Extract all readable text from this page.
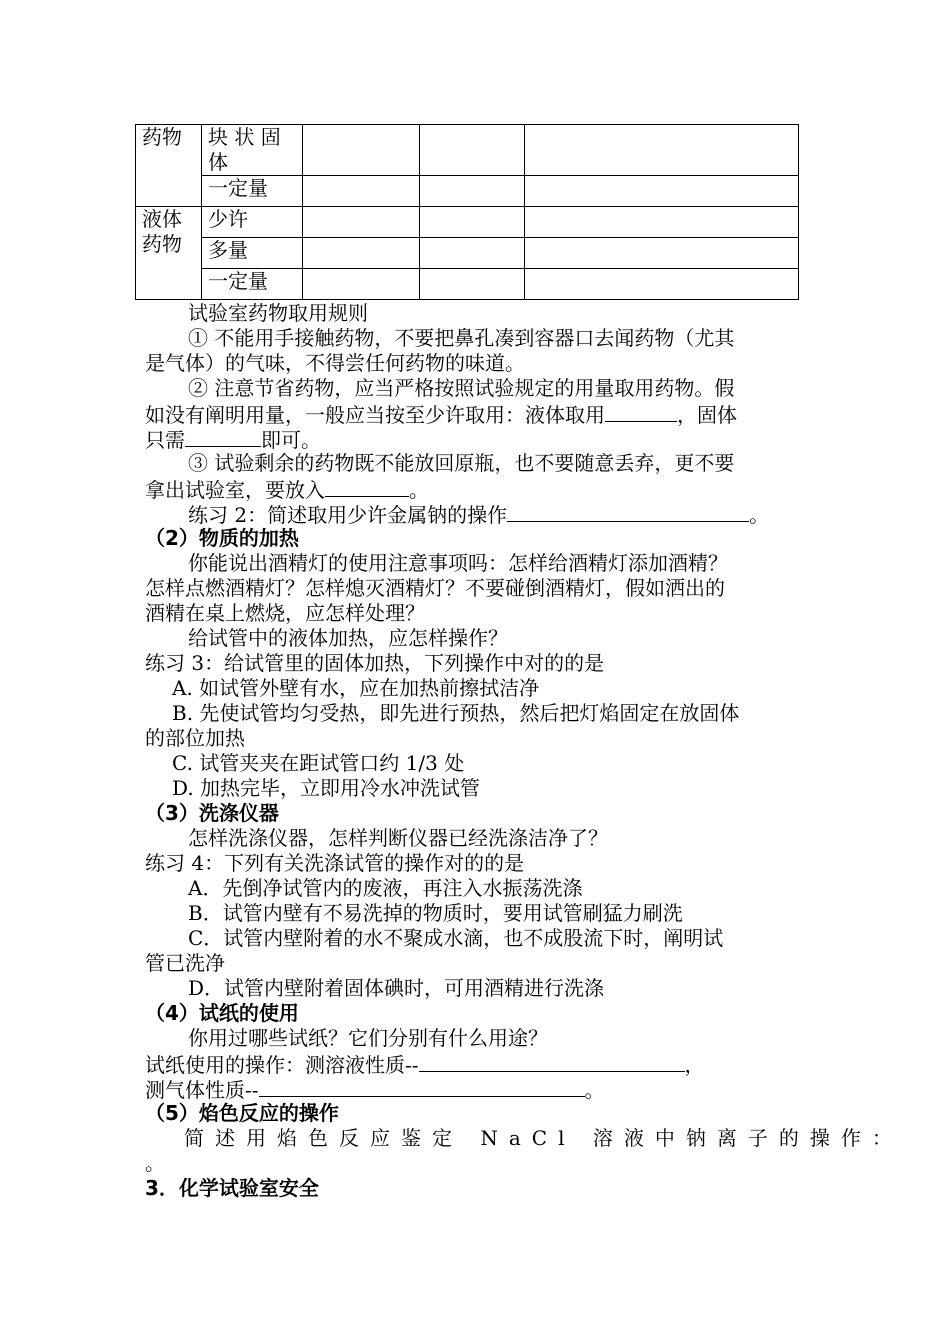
药物	块 状 固
体			
	一定量			
液体
药物	少许			
	多量			
	一定量			
试验室药物取用规则
① 不能用手接触药物，不要把鼻孔凑到容器口去闻药物（尤其
是气体）的气味，不得尝任何药物的味道。
② 注意节省药物，应当严格按照试验规定的用量取用药物。假
如没有阐明用量，一般应当按至少许取用：液体取用	，固体
只需	即可。
③ 试验剩余的药物既不能放回原瓶，也不要随意丢弃，更不要
拿出试验室，要放入	。
练习 2：简述取用少许金属钠的操作	。
（2）物质的加热
你能说出酒精灯的使用注意事项吗：怎样给酒精灯添加酒精？
怎样点燃酒精灯？怎样熄灭酒精灯？不要碰倒酒精灯，假如洒出的
酒精在桌上燃烧，应怎样处理？
给试管中的液体加热，应怎样操作？
练习 3：给试管里的固体加热，下列操作中对的的是
A. 如试管外壁有水，应在加热前擦拭洁净
B. 先使试管均匀受热，即先进行预热，然后把灯焰固定在放固体
的部位加热
C. 试管夹夹在距试管口约 1/3 处
D. 加热完毕，立即用冷水冲洗试管
（3）洗涤仪器
怎样洗涤仪器，怎样判断仪器已经洗涤洁净了？
练习 4：下列有关洗涤试管的操作对的的是
A．先倒净试管内的废液，再注入水振荡洗涤
B．试管内壁有不易洗掉的物质时，要用试管刷猛力刷洗
C．试管内壁附着的水不聚成水滴，也不成股流下时，阐明试
管已洗净
D．试管内壁附着固体碘时，可用酒精进行洗涤
（4）试纸的使用
你用过哪些试纸？它们分别有什么用途？
试纸使用的操作：测溶液性质--	，
测气体性质--	。
（5）焰色反应的操作
简述用焰色反应鉴定 NaCl 溶液中钠离子的操作：
。
3．化学试验室安全
